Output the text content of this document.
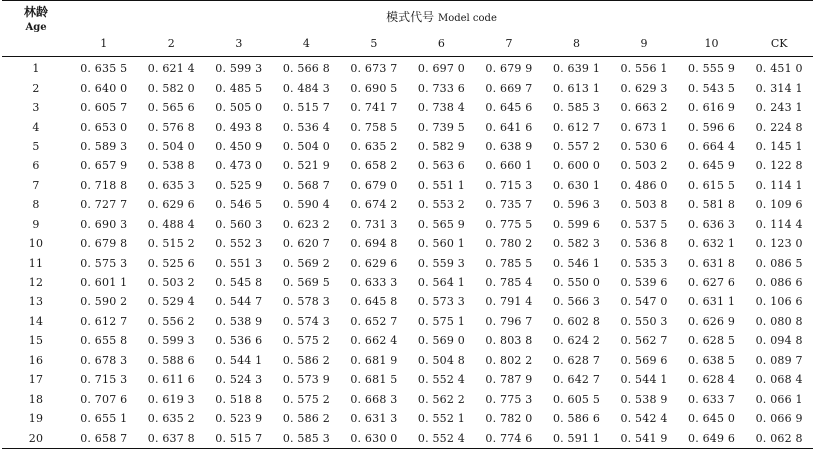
林龄
Age	模式代号 Model code										
	1	2	3	4	5	6	7	8	9	10	CK
1	0. 635 5	0. 621 4	0. 599 3	0. 566 8	0. 673 7	0. 697 0	0. 679 9	0. 639 1	0. 556 1	0. 555 9	0. 451 0
2	0. 640 0	0. 582 0	0. 485 5	0. 484 3	0. 690 5	0. 733 6	0. 669 7	0. 613 1	0. 629 3	0. 543 5	0. 314 1
3	0. 605 7	0. 565 6	0. 505 0	0. 515 7	0. 741 7	0. 738 4	0. 645 6	0. 585 3	0. 663 2	0. 616 9	0. 243 1
4	0. 653 0	0. 576 8	0. 493 8	0. 536 4	0. 758 5	0. 739 5	0. 641 6	0. 612 7	0. 673 1	0. 596 6	0. 224 8
5	0. 589 3	0. 504 0	0. 450 9	0. 504 0	0. 635 2	0. 582 9	0. 638 9	0. 557 2	0. 530 6	0. 664 4	0. 145 1
6	0. 657 9	0. 538 8	0. 473 0	0. 521 9	0. 658 2	0. 563 6	0. 660 1	0. 600 0	0. 503 2	0. 645 9	0. 122 8
7	0. 718 8	0. 635 3	0. 525 9	0. 568 7	0. 679 0	0. 551 1	0. 715 3	0. 630 1	0. 486 0	0. 615 5	0. 114 1
8	0. 727 7	0. 629 6	0. 546 5	0. 590 4	0. 674 2	0. 553 2	0. 735 7	0. 596 3	0. 503 8	0. 581 8	0. 109 6
9	0. 690 3	0. 488 4	0. 560 3	0. 623 2	0. 731 3	0. 565 9	0. 775 5	0. 599 6	0. 537 5	0. 636 3	0. 114 4
10	0. 679 8	0. 515 2	0. 552 3	0. 620 7	0. 694 8	0. 560 1	0. 780 2	0. 582 3	0. 536 8	0. 632 1	0. 123 0
11	0. 575 3	0. 525 6	0. 551 3	0. 569 2	0. 629 6	0. 559 3	0. 785 5	0. 546 1	0. 535 3	0. 631 8	0. 086 5
12	0. 601 1	0. 503 2	0. 545 8	0. 569 5	0. 633 3	0. 564 1	0. 785 4	0. 550 0	0. 539 6	0. 627 6	0. 086 6
13	0. 590 2	0. 529 4	0. 544 7	0. 578 3	0. 645 8	0. 573 3	0. 791 4	0. 566 3	0. 547 0	0. 631 1	0. 106 6
14	0. 612 7	0. 556 2	0. 538 9	0. 574 3	0. 652 7	0. 575 1	0. 796 7	0. 602 8	0. 550 3	0. 626 9	0. 080 8
15	0. 655 8	0. 599 3	0. 536 6	0. 575 2	0. 662 4	0. 569 0	0. 803 8	0. 624 2	0. 562 7	0. 628 5	0. 094 8
16	0. 678 3	0. 588 6	0. 544 1	0. 586 2	0. 681 9	0. 504 8	0. 802 2	0. 628 7	0. 569 6	0. 638 5	0. 089 7
17	0. 715 3	0. 611 6	0. 524 3	0. 573 9	0. 681 5	0. 552 4	0. 787 9	0. 642 7	0. 544 1	0. 628 4	0. 068 4
18	0. 707 6	0. 619 3	0. 518 8	0. 575 2	0. 668 3	0. 562 2	0. 775 3	0. 605 5	0. 538 9	0. 633 7	0. 066 1
19	0. 655 1	0. 635 2	0. 523 9	0. 586 2	0. 631 3	0. 552 1	0. 782 0	0. 586 6	0. 542 4	0. 645 0	0. 066 9
20	0. 658 7	0. 637 8	0. 515 7	0. 585 3	0. 630 0	0. 552 4	0. 774 6	0. 591 1	0. 541 9	0. 649 6	0. 062 8
